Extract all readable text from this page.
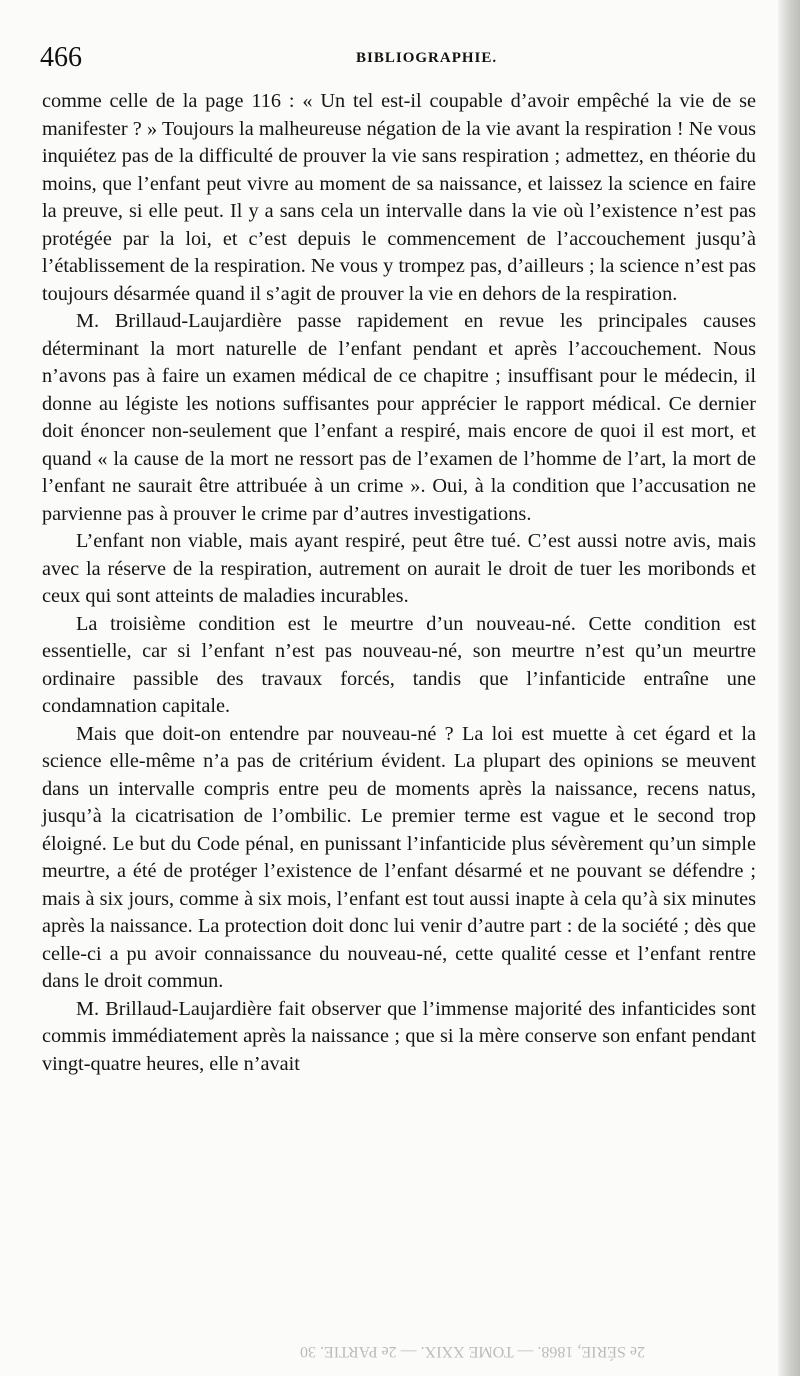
466	BIBLIOGRAPHIE.

comme celle de la page 116 : « Un tel est-il coupable d’avoir empêché la vie de se manifester ? » Toujours la malheureuse négation de la vie avant la respiration ! Ne vous inquiétez pas de la difficulté de prouver la vie sans respiration ; admettez, en théorie du moins, que l’enfant peut vivre au moment de sa naissance, et laissez la science en faire la preuve, si elle peut. Il y a sans cela un intervalle dans la vie où l’existence n’est pas protégée par la loi, et c’est depuis le commencement de l’accouchement jusqu’à l’établissement de la respiration. Ne vous y trompez pas, d’ailleurs ; la science n’est pas toujours désarmée quand il s’agit de prouver la vie en dehors de la respiration.

M. Brillaud-Laujardière passe rapidement en revue les principales causes déterminant la mort naturelle de l’enfant pendant et après l’accouchement. Nous n’avons pas à faire un examen médical de ce chapitre ; insuffisant pour le médecin, il donne au légiste les notions suffisantes pour apprécier le rapport médical. Ce dernier doit énoncer non-seulement que l’enfant a respiré, mais encore de quoi il est mort, et quand « la cause de la mort ne ressort pas de l’examen de l’homme de l’art, la mort de l’enfant ne saurait être attribuée à un crime ». Oui, à la condition que l’accusation ne parvienne pas à prouver le crime par d’autres investigations.

L’enfant non viable, mais ayant respiré, peut être tué. C’est aussi notre avis, mais avec la réserve de la respiration, autrement on aurait le droit de tuer les moribonds et ceux qui sont atteints de maladies incurables.

La troisième condition est le meurtre d’un nouveau-né. Cette condition est essentielle, car si l’enfant n’est pas nouveau-né, son meurtre n’est qu’un meurtre ordinaire passible des travaux forcés, tandis que l’infanticide entraîne une condamnation capitale.

Mais que doit-on entendre par nouveau-né ? La loi est muette à cet égard et la science elle-même n’a pas de critérium évident. La plupart des opinions se meuvent dans un intervalle compris entre peu de moments après la naissance, recens natus, jusqu’à la cicatrisation de l’ombilic. Le premier terme est vague et le second trop éloigné. Le but du Code pénal, en punissant l’infanticide plus sévèrement qu’un simple meurtre, a été de protéger l’existence de l’enfant désarmé et ne pouvant se défendre ; mais à six jours, comme à six mois, l’enfant est tout aussi inapte à cela qu’à six minutes après la naissance. La protection doit donc lui venir d’autre part : de la société ; dès que celle-ci a pu avoir connaissance du nouveau-né, cette qualité cesse et l’enfant rentre dans le droit commun.

M. Brillaud-Laujardière fait observer que l’immense majorité des infanticides sont commis immédiatement après la naissance ; que si la mère conserve son enfant pendant vingt-quatre heures, elle n’avait

2e SÉRIE, 1868. — TOME XXIX. — 2e PARTIE. 30
